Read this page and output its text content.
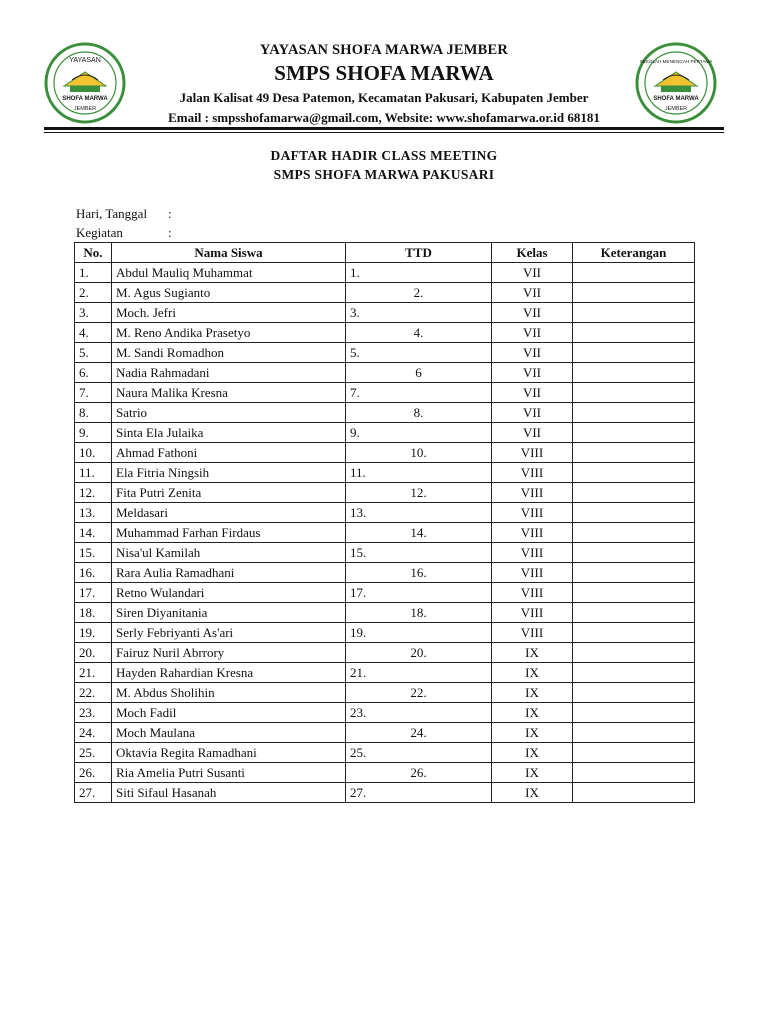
YAYASAN
SHOFA MARWA
JEMBER
SEKOLAH MENENGAH PERTAMA
SHOFA MARWA
JEMBER
YAYASAN SHOFA MARWA JEMBER
SMPS SHOFA MARWA
Jalan Kalisat 49 Desa Patemon, Kecamatan Pakusari, Kabupaten Jember
Email : smpsshofamarwa@gmail.com, Website: www.shofamarwa.or.id 68181
DAFTAR HADIR CLASS MEETING
SMPS SHOFA MARWA PAKUSARI
Hari, Tanggal	:
Kegiatan	:
No.	Nama Siswa	TTD	Kelas	Keterangan
1.	Abdul Mauliq Muhammat	1.	VII	
2.	M. Agus Sugianto	2.	VII	
3.	Moch. Jefri	3.	VII	
4.	M. Reno Andika Prasetyo	4.	VII	
5.	M. Sandi Romadhon	5.	VII	
6.	Nadia Rahmadani	6	VII	
7.	Naura Malika Kresna	7.	VII	
8.	Satrio	8.	VII	
9.	Sinta Ela Julaika	9.	VII	
10.	Ahmad Fathoni	10.	VIII	
11.	Ela Fitria Ningsih	11.	VIII	
12.	Fita Putri Zenita	12.	VIII	
13.	Meldasari	13.	VIII	
14.	Muhammad Farhan Firdaus	14.	VIII	
15.	Nisa'ul Kamilah	15.	VIII	
16.	Rara Aulia Ramadhani	16.	VIII	
17.	Retno Wulandari	17.	VIII	
18.	Siren Diyanitania	18.	VIII	
19.	Serly Febriyanti As'ari	19.	VIII	
20.	Fairuz Nuril Abrrory	20.	IX	
21.	Hayden Rahardian Kresna	21.	IX	
22.	M. Abdus Sholihin	22.	IX	
23.	Moch Fadil	23.	IX	
24.	Moch Maulana	24.	IX	
25.	Oktavia Regita Ramadhani	25.	IX	
26.	Ria Amelia Putri Susanti	26.	IX	
27.	Siti Sifaul Hasanah	27.	IX	
